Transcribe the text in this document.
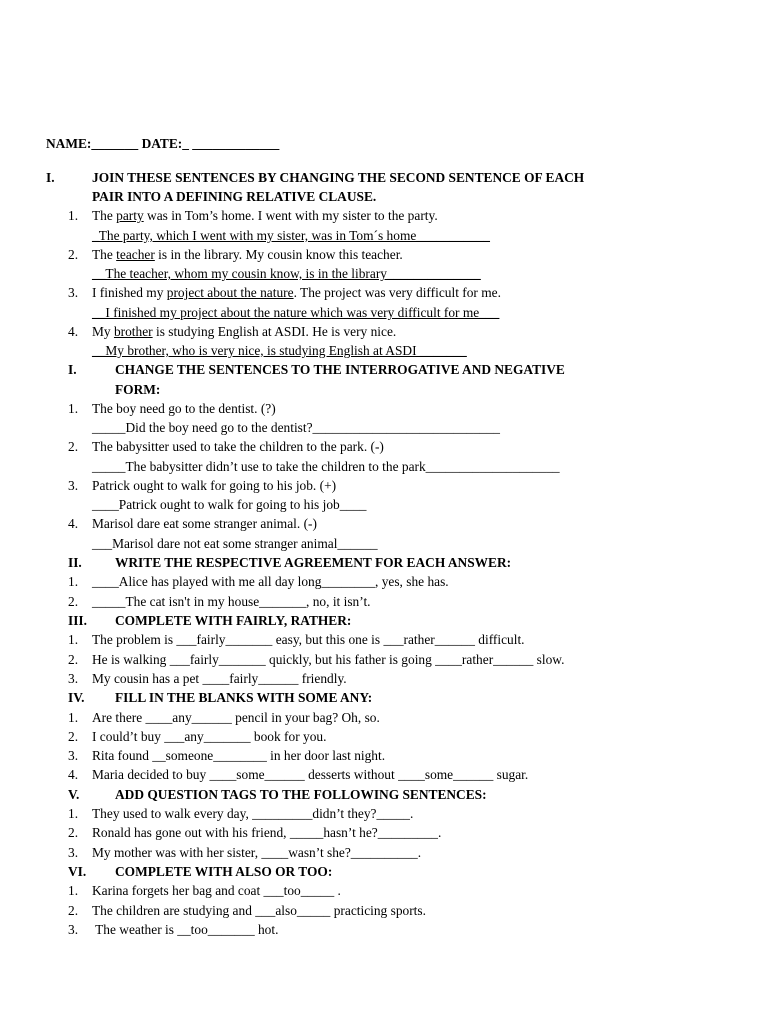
NAME:_______ DATE:_ _____________
I.	JOIN THESE SENTENCES BY CHANGING THE SECOND SENTENCE OF EACH
PAIR INTO A DEFINING RELATIVE CLAUSE.
1. The party was in Tom’s home. I went with my sister to the party.
_The party, which I went with my sister, was in Tom´s home___________
2. The teacher is in the library. My cousin know this teacher.
__The teacher, whom my cousin know, is in the library______________
3. I finished my project about the nature. The project was very difficult for me.
__I finished my project about the nature which was very difficult for me___
4. My brother is studying English at ASDI. He is very nice.
__My brother, who is very nice, is studying English at ASDI _______
I.	CHANGE THE SENTENCES TO THE INTERROGATIVE AND NEGATIVE
FORM:
1. The boy need go to the dentist. (?)
_____Did the boy need go to the dentist?____________________________
2. The babysitter used to take the children to the park. (-)
_____The babysitter didn’t use to take the children to the park____________________
3. Patrick ought to walk for going to his job. (+)
____Patrick ought to walk for going to his job____
4. Marisol dare eat some stranger animal. (-)
___Marisol dare not eat some stranger animal______
II. WRITE THE RESPECTIVE AGREEMENT FOR EACH ANSWER:
1. ____Alice has played with me all day long________, yes, she has.
2. _____The cat isn't in my house_______, no, it isn’t.
III. COMPLETE WITH FAIRLY, RATHER:
1. The problem is ___fairly_______ easy, but this one is ___rather______ difficult.
2. He is walking ___fairly_______ quickly, but his father is going ____rather______ slow.
3. My cousin has a pet ____fairly______ friendly.
IV. FILL IN THE BLANKS WITH SOME ANY:
1. Are there ____any______ pencil in your bag? Oh, so.
2. I could’t buy ___any_______ book for you.
3. Rita found __someone________ in her door last night.
4. Maria decided to buy ____some______ desserts without ____some______ sugar.
V.	ADD QUESTION TAGS TO THE FOLLOWING SENTENCES:
1. They used to walk every day, _________didn’t they?_____.
2. Ronald has gone out with his friend, _____hasn’t he?_________.
3. My mother was with her sister, ____wasn’t she?__________.
VI. COMPLETE WITH ALSO OR TOO:
1. Karina forgets her bag and coat ___too_____ .
2. The children are studying and ___also_____ practicing sports.
3. The weather is __too_______ hot.
